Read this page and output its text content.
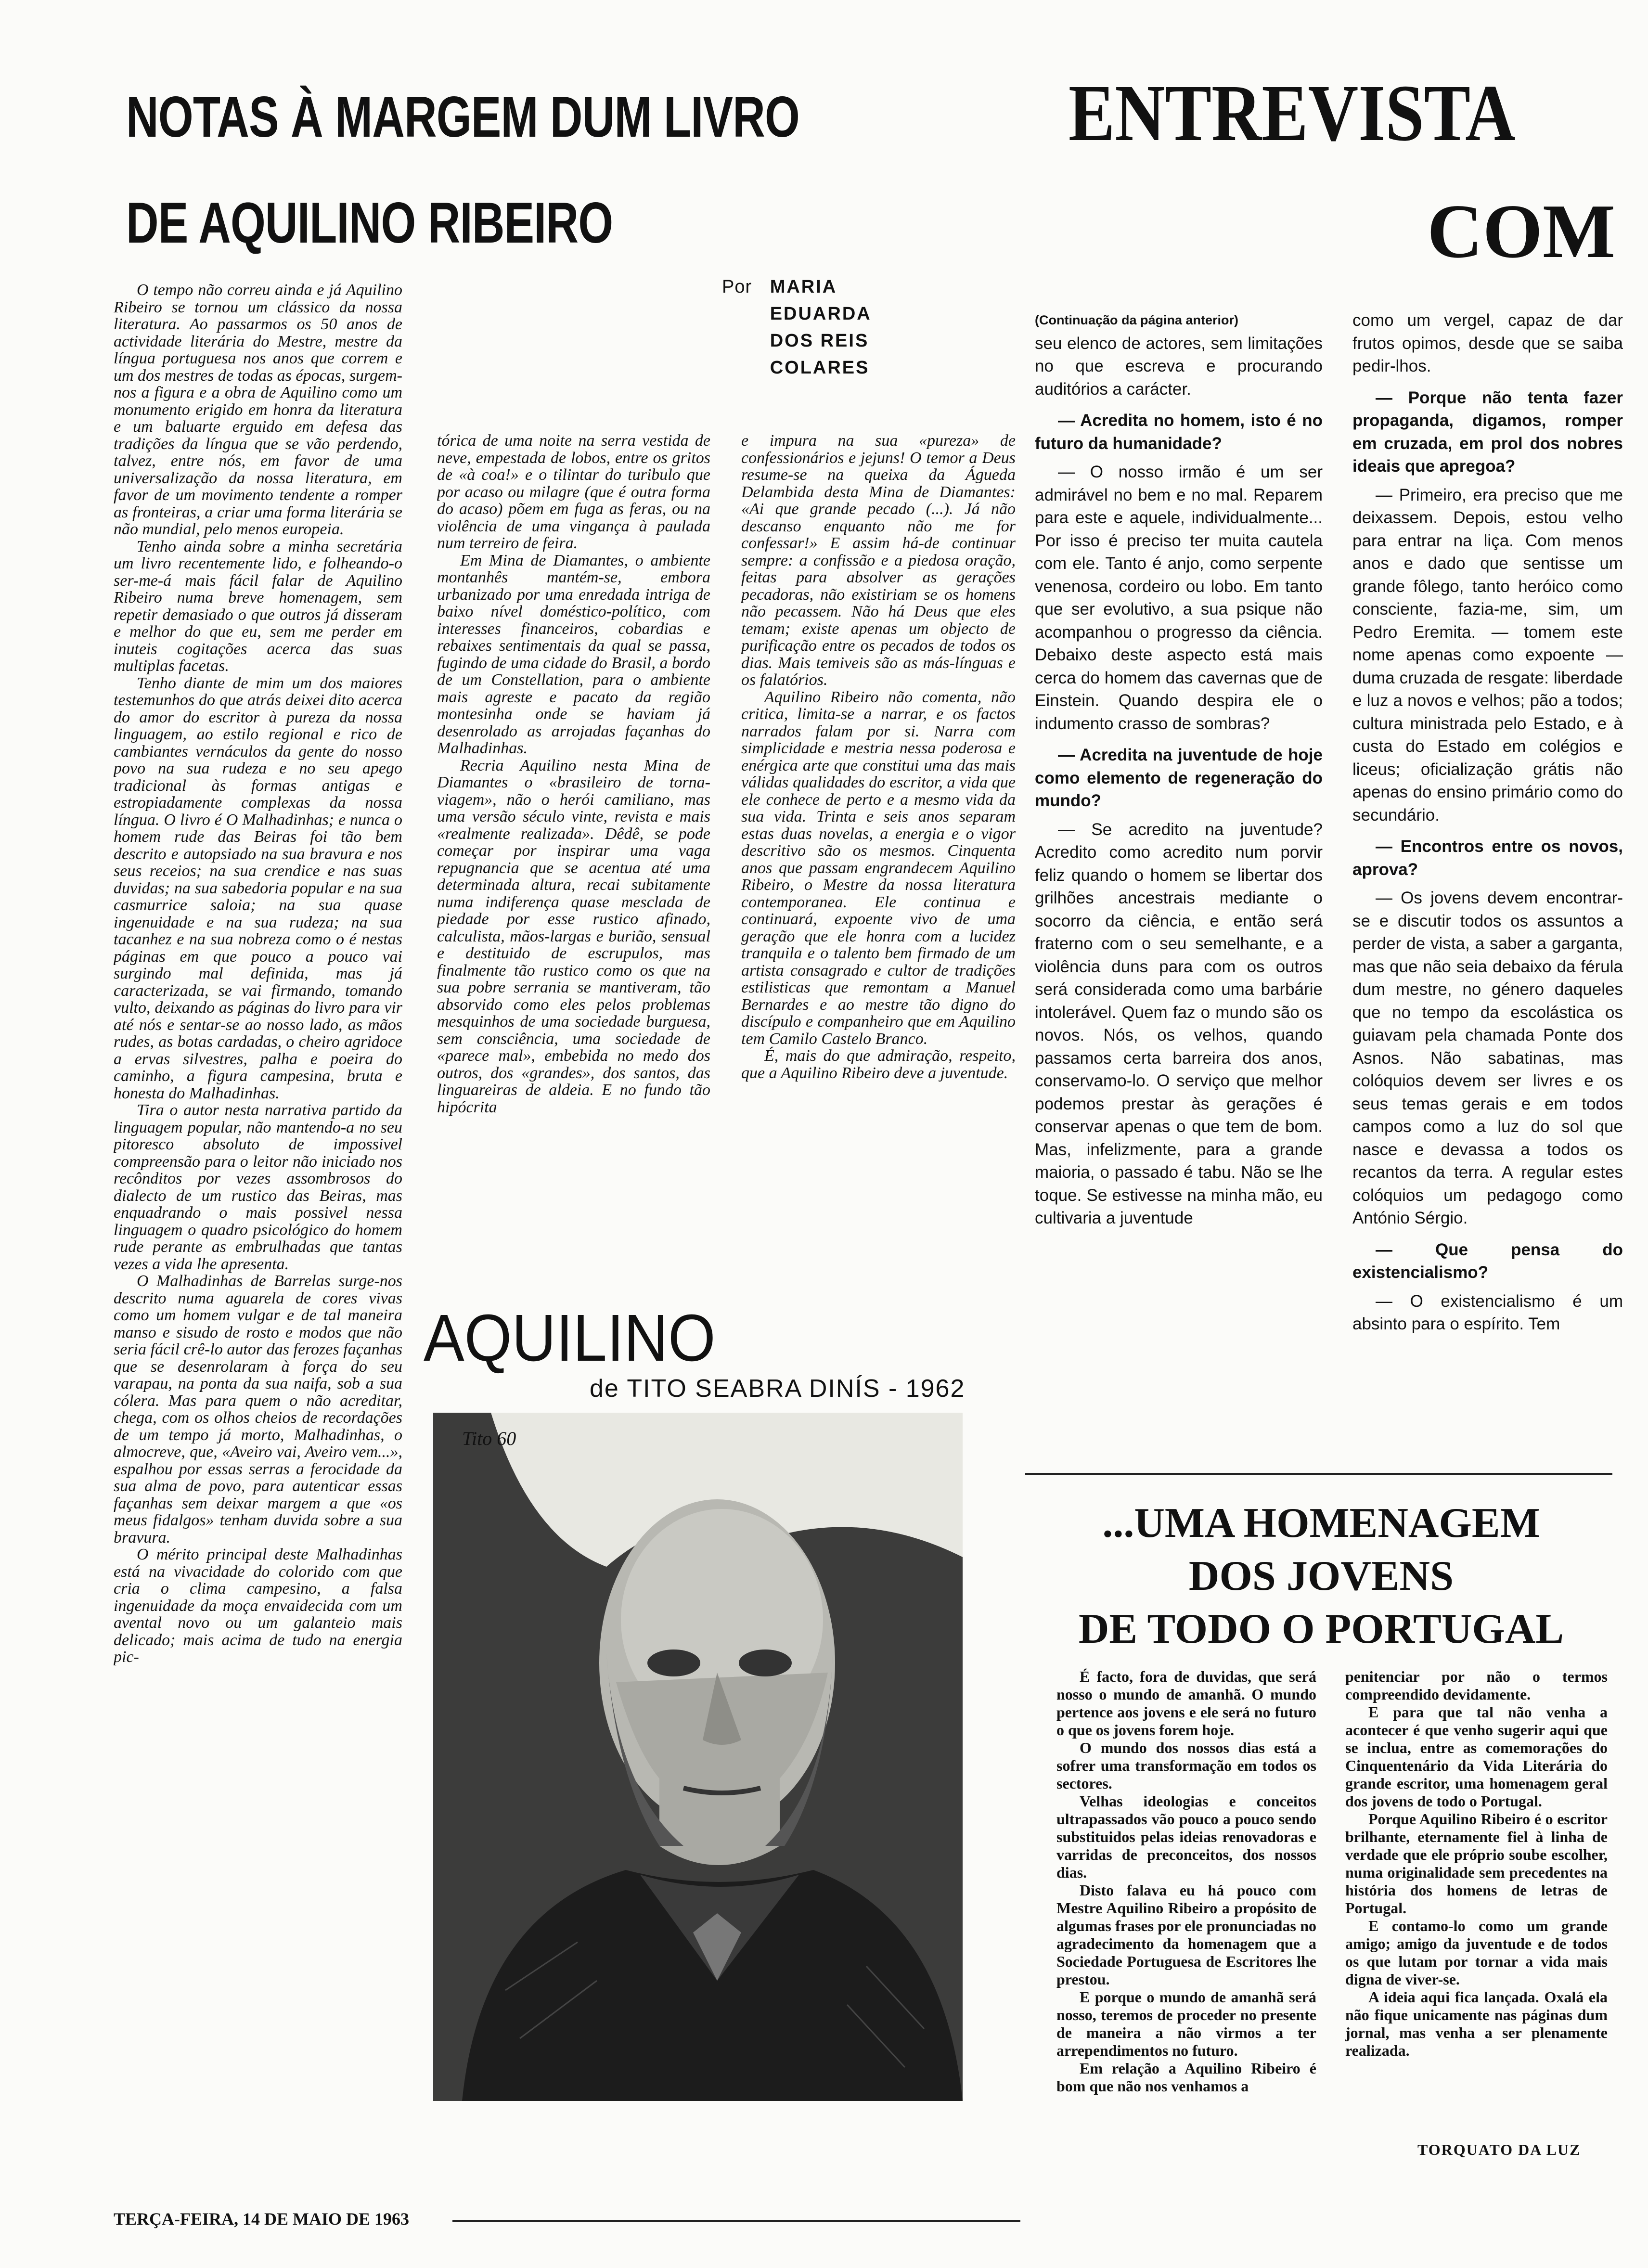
NOTAS À MARGEM DUM LIVRO
DE AQUILINO RIBEIRO
ENTREVISTA
COM
Por MARIA
EDUARDA
DOS REIS
COLARES

O tempo não correu ainda e já Aquilino Ribeiro se tornou um clássico da nossa literatura. Ao passarmos os 50 anos de actividade literária do Mestre, mestre da língua portuguesa nos anos que correm e um dos mestres de todas as épocas, surgem-nos a figura e a obra de Aquilino como um monumento erigido em honra da literatura e um baluarte erguido em defesa das tradições da língua que se vão perdendo, talvez, entre nós, em favor de uma universalização da nossa literatura, em favor de um movimento tendente a romper as fronteiras, a criar uma forma literária se não mundial, pelo menos europeia.

Tenho ainda sobre a minha secretária um livro recentemente lido, e folheando-o ser-me-á mais fácil falar de Aquilino Ribeiro numa breve homenagem, sem repetir demasiado o que outros já disseram e melhor do que eu, sem me perder em inuteis cogitações acerca das suas multiplas facetas.

Tenho diante de mim um dos maiores testemunhos do que atrás deixei dito acerca do amor do escritor à pureza da nossa linguagem, ao estilo regional e rico de cambiantes vernáculos da gente do nosso povo na sua rudeza e no seu apego tradicional às formas antigas e estropiadamente complexas da nossa língua. O livro é O Malhadinhas; e nunca o homem rude das Beiras foi tão bem descrito e autopsiado na sua bravura e nos seus receios; na sua crendice e nas suas duvidas; na sua sabedoria popular e na sua casmurrice saloia; na sua quase ingenuidade e na sua rudeza; na sua tacanhez e na sua nobreza como o é nestas páginas em que pouco a pouco vai surgindo mal definida, mas já caracterizada, se vai firmando, tomando vulto, deixando as páginas do livro para vir até nós e sentar-se ao nosso lado, as mãos rudes, as botas cardadas, o cheiro agridoce a ervas silvestres, palha e poeira do caminho, a figura campesina, bruta e honesta do Malhadinhas.

Tira o autor nesta narrativa partido da linguagem popular, não mantendo-a no seu pitoresco absoluto de impossivel compreensão para o leitor não iniciado nos recônditos por vezes assombrosos do dialecto de um rustico das Beiras, mas enquadrando o mais possivel nessa linguagem o quadro psicológico do homem rude perante as embrulhadas que tantas vezes a vida lhe apresenta.

O Malhadinhas de Barrelas surge-nos descrito numa aguarela de cores vivas como um homem vulgar e de tal maneira manso e sisudo de rosto e modos que não seria fácil crê-lo autor das ferozes façanhas que se desenrolaram à força do seu varapau, na ponta da sua naifa, sob a sua cólera. Mas para quem o não acreditar, chega, com os olhos cheios de recordações de um tempo já morto, Malhadinhas, o almocreve, que, «Aveiro vai, Aveiro vem...», espalhou por essas serras a ferocidade da sua alma de povo, para autenticar essas façanhas sem deixar margem a que «os meus fidalgos» tenham duvida sobre a sua bravura.

O mérito principal deste Malhadinhas está na vivacidade do colorido com que cria o clima campesino, a falsa ingenuidade da moça envaidecida com um avental novo ou um galanteio mais delicado; mais acima de tudo na energia pic-

tórica de uma noite na serra vestida de neve, empestada de lobos, entre os gritos de «à coa!» e o tilintar do turibulo que por acaso ou milagre (que é outra forma do acaso) põem em fuga as feras, ou na violência de uma vingança à paulada num terreiro de feira.

Em Mina de Diamantes, o ambiente montanhês mantém-se, embora urbanizado por uma enredada intriga de baixo nível doméstico-político, com interesses financeiros, cobardias e rebaixes sentimentais da qual se passa, fugindo de uma cidade do Brasil, a bordo de um Constellation, para o ambiente mais agreste e pacato da região montesinha onde se haviam já desenrolado as arrojadas façanhas do Malhadinhas.

Recria Aquilino nesta Mina de Diamantes o «brasileiro de torna-viagem», não o herói camiliano, mas uma versão século vinte, revista e mais «realmente realizada». Dêdê, se pode começar por inspirar uma vaga repugnancia que se acentua até uma determinada altura, recai subitamente numa indiferença quase mesclada de piedade por esse rustico afinado, calculista, mãos-largas e burião, sensual e destituido de escrupulos, mas finalmente tão rustico como os que na sua pobre serrania se mantiveram, tão absorvido como eles pelos problemas mesquinhos de uma sociedade burguesa, sem consciência, uma sociedade de «parece mal», embebida no medo dos outros, dos «grandes», dos santos, das linguareiras de aldeia. E no fundo tão hipócrita

e impura na sua «pureza» de confessionários e jejuns! O temor a Deus resume-se na queixa da Águeda Delambida desta Mina de Diamantes: «Ai que grande pecado (...). Já não descanso enquanto não me for confessar!» E assim há-de continuar sempre: a confissão e a piedosa oração, feitas para absolver as gerações pecadoras, não existiriam se os homens não pecassem. Não há Deus que eles temam; existe apenas um objecto de purificação entre os pecados de todos os dias. Mais temiveis são as más-línguas e os falatórios.

Aquilino Ribeiro não comenta, não critica, limita-se a narrar, e os factos narrados falam por si. Narra com simplicidade e mestria nessa poderosa e enérgica arte que constitui uma das mais válidas qualidades do escritor, a vida que ele conhece de perto e a mesmo vida da sua vida. Trinta e seis anos separam estas duas novelas, a energia e o vigor descritivo são os mesmos. Cinquenta anos que passam engrandecem Aquilino Ribeiro, o Mestre da nossa literatura contemporanea. Ele continua e continuará, expoente vivo de uma geração que ele honra com a lucidez tranquila e o talento bem firmado de um artista consagrado e cultor de tradições estilisticas que remontam a Manuel Bernardes e ao mestre tão digno do discípulo e companheiro que em Aquilino tem Camilo Castelo Branco.

É, mais do que admiração, respeito, que a Aquilino Ribeiro deve a juventude.

(Continuação da página anterior)

seu elenco de actores, sem limitações no que escreva e procurando auditórios a carácter.

— Acredita no homem, isto é no futuro da humanidade?

— O nosso irmão é um ser admirável no bem e no mal. Reparem para este e aquele, individualmente... Por isso é preciso ter muita cautela com ele. Tanto é anjo, como serpente venenosa, cordeiro ou lobo. Em tanto que ser evolutivo, a sua psique não acompanhou o progresso da ciência. Debaixo deste aspecto está mais cerca do homem das cavernas que de Einstein. Quando despira ele o indumento crasso de sombras?

— Acredita na juventude de hoje como elemento de regeneração do mundo?

— Se acredito na juventude? Acredito como acredito num porvir feliz quando o homem se libertar dos grilhões ancestrais mediante o socorro da ciência, e então será fraterno com o seu semelhante, e a violência duns para com os outros será considerada como uma barbárie intolerável. Quem faz o mundo são os novos. Nós, os velhos, quando passamos certa barreira dos anos, conservamo-lo. O serviço que melhor podemos prestar às gerações é conservar apenas o que tem de bom. Mas, infelizmente, para a grande maioria, o passado é tabu. Não se lhe toque. Se estivesse na minha mão, eu cultivaria a juventude

como um vergel, capaz de dar frutos opimos, desde que se saiba pedir-lhos.

— Porque não tenta fazer propaganda, digamos, romper em cruzada, em prol dos nobres ideais que apregoa?

— Primeiro, era preciso que me deixassem. Depois, estou velho para entrar na liça. Com menos anos e dado que sentisse um grande fôlego, tanto heróico como consciente, fazia-me, sim, um Pedro Eremita. — tomem este nome apenas como expoente — duma cruzada de resgate: liberdade e luz a novos e velhos; pão a todos; cultura ministrada pelo Estado, e à custa do Estado em colégios e liceus; oficialização grátis não apenas do ensino primário como do secundário.

— Encontros entre os novos, aprova?

— Os jovens devem encontrar-se e discutir todos os assuntos a perder de vista, a saber a garganta, mas que não seia debaixo da férula dum mestre, no género daqueles que no tempo da escolástica os guiavam pela chamada Ponte dos Asnos. Não sabatinas, mas colóquios devem ser livres e os seus temas gerais e em todos campos como a luz do sol que nasce e devassa a todos os recantos da terra. A regular estes colóquios um pedagogo como António Sérgio.

— Que pensa do existencialismo?

— O existencialismo é um absinto para o espírito. Tem

AQUILINO
de TITO SEABRA DINÍS - 1962
Tito 60
...UMA HOMENAGEM
DOS JOVENS
DE TODO O PORTUGAL

É facto, fora de duvidas, que será nosso o mundo de amanhã. O mundo pertence aos jovens e ele será no futuro o que os jovens forem hoje.

O mundo dos nossos dias está a sofrer uma transformação em todos os sectores.

Velhas ideologias e conceitos ultrapassados vão pouco a pouco sendo substituidos pelas ideias renovadoras e varridas de preconceitos, dos nossos dias.

Disto falava eu há pouco com Mestre Aquilino Ribeiro a propósito de algumas frases por ele pronunciadas no agradecimento da homenagem que a Sociedade Portuguesa de Escritores lhe prestou.

E porque o mundo de amanhã será nosso, teremos de proceder no presente de maneira a não virmos a ter arrependimentos no futuro.

Em relação a Aquilino Ribeiro é bom que não nos venhamos a

penitenciar por não o termos compreendido devidamente.

E para que tal não venha a acontecer é que venho sugerir aqui que se inclua, entre as comemorações do Cinquentenário da Vida Literária do grande escritor, uma homenagem geral dos jovens de todo o Portugal.

Porque Aquilino Ribeiro é o escritor brilhante, eternamente fiel à linha de verdade que ele próprio soube escolher, numa originalidade sem precedentes na história dos homens de letras de Portugal.

E contamo-lo como um grande amigo; amigo da juventude e de todos os que lutam por tornar a vida mais digna de viver-se.

A ideia aqui fica lançada. Oxalá ela não fique unicamente nas páginas dum jornal, mas venha a ser plenamente realizada.

TORQUATO DA LUZ
TERÇA-FEIRA, 14 DE MAIO DE 1963
